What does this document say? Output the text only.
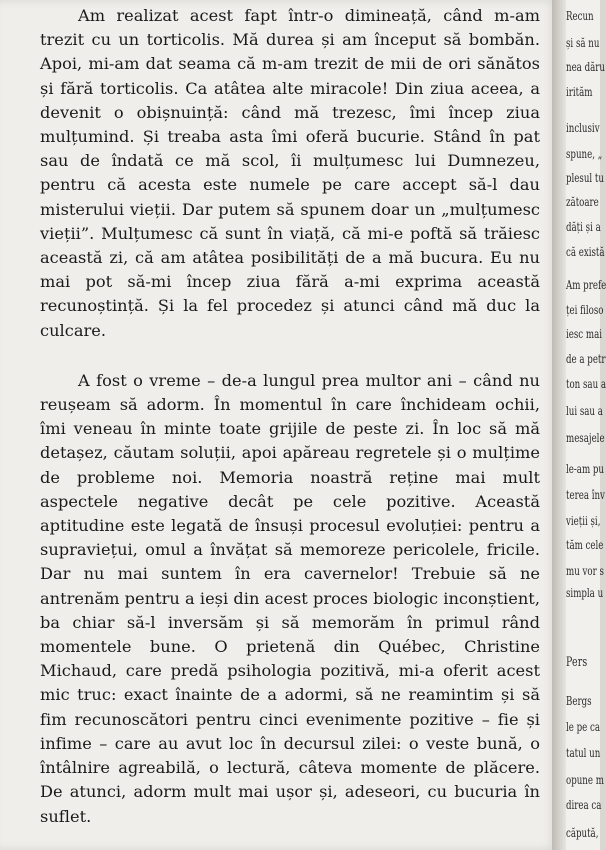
Am realizat acest fapt într-o dimineață, când m-am trezit cu un torticolis. Mă durea și am început să bombăn. Apoi, mi-am dat seama că m-am trezit de mii de ori sănătos și fără torticolis. Ca atâtea alte miracole! Din ziua aceea, a devenit o obișnuință: când mă trezesc, îmi încep ziua mulțumind. Și treaba asta îmi oferă bucurie. Stând în pat sau de îndată ce mă scol, îi mulțumesc lui Dumnezeu, pentru că acesta este numele pe care accept să-l dau misterului vieții. Dar putem să spunem doar un „mulțumesc vieții”. Mulțumesc că sunt în viață, că mi-e poftă să trăiesc această zi, că am atâtea posibilități de a mă bucura. Eu nu mai pot să-mi încep ziua fără a-mi exprima această recunoștință. Și la fel procedez și atunci când mă duc la culcare.

A fost o vreme – de-a lungul prea multor ani – când nu reușeam să adorm. În momentul în care închideam ochii, îmi veneau în minte toate grijile de peste zi. În loc să mă detașez, căutam soluții, apoi apăreau regretele și o mulțime de probleme noi. Memoria noastră reține mai mult aspectele negative decât pe cele pozitive. Această aptitudine este legată de însuși procesul evoluției: pentru a supraviețui, omul a învățat să memoreze pericolele, fricile. Dar nu mai suntem în era cavernelor! Trebuie să ne antrenăm pentru a ieși din acest proces biologic inconștient, ba chiar să-l inversăm și să memorăm în primul rând momentele bune. O prietenă din Québec, Christine Michaud, care predă psihologia pozitivă, mi-a oferit acest mic truc: exact înainte de a adormi, să ne reamintim și să fim recunoscători pentru cinci evenimente pozitive – fie și infime – care au avut loc în decursul zilei: o veste bună, o întâlnire agreabilă, o lectură, câteva momente de plăcere. De atunci, adorm mult mai ușor și, adeseori, cu bucuria în suflet.

Recun
și să nu
nea dăru
irităm
inclusiv
spune, „
plesul tu
zătoare
dăți și a
că există
Am prefe
ței filoso
iesc mai
de a petr
ton sau a
lui sau a
mesajele
le-am pu
terea înv
vieții și,
tăm cele
mu vor s
simpla u
Pers
Bergs
le pe ca
tatul un
opune m
direa ca
căpută,
